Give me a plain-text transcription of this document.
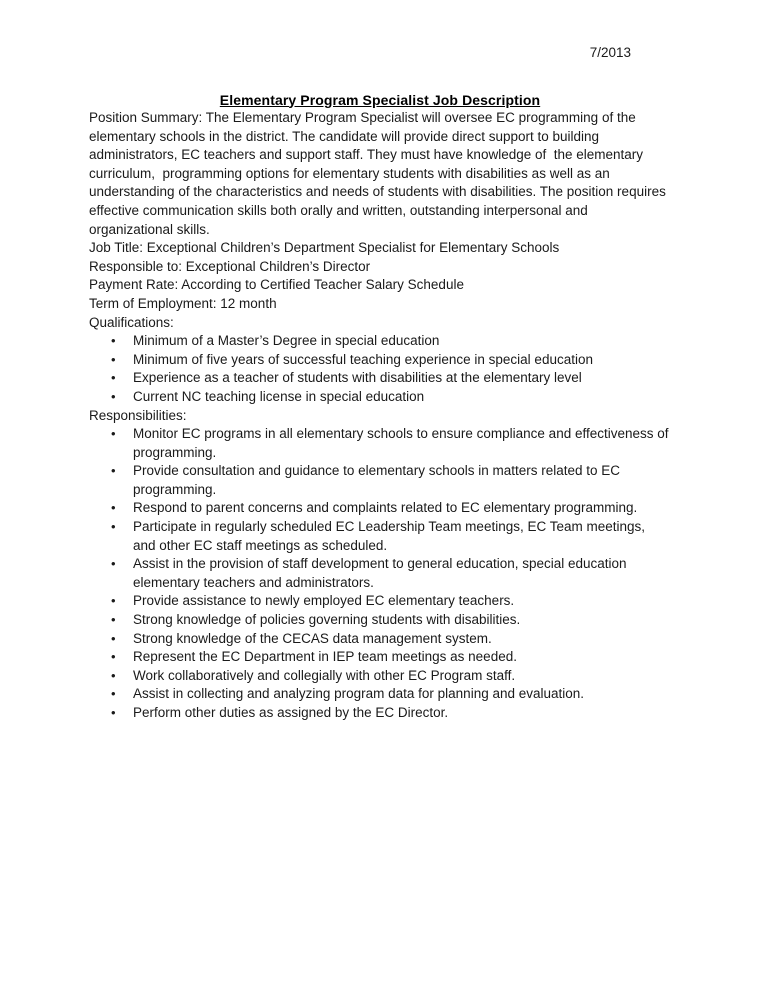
7/2013
Elementary Program Specialist Job Description

Position Summary: The Elementary Program Specialist will oversee EC programming of the elementary schools in the district. The candidate will provide direct support to building administrators, EC teachers and support staff. They must have knowledge of  the elementary curriculum,  programming options for elementary students with disabilities as well as an understanding of the characteristics and needs of students with disabilities. The position requires effective communication skills both orally and written, outstanding interpersonal and organizational skills.

Job Title: Exceptional Children’s Department Specialist for Elementary Schools

Responsible to: Exceptional Children’s Director

Payment Rate: According to Certified Teacher Salary Schedule

Term of Employment: 12 month

Qualifications:

• Minimum of a Master’s Degree in special education
• Minimum of five years of successful teaching experience in special education
• Experience as a teacher of students with disabilities at the elementary level
• Current NC teaching license in special education

Responsibilities:

• Monitor EC programs in all elementary schools to ensure compliance and effectiveness of programming.
• Provide consultation and guidance to elementary schools in matters related to EC programming.
• Respond to parent concerns and complaints related to EC elementary programming.
• Participate in regularly scheduled EC Leadership Team meetings, EC Team meetings, and other EC staff meetings as scheduled.
• Assist in the provision of staff development to general education, special education elementary teachers and administrators.
• Provide assistance to newly employed EC elementary teachers.
• Strong knowledge of policies governing students with disabilities.
• Strong knowledge of the CECAS data management system.
• Represent the EC Department in IEP team meetings as needed.
• Work collaboratively and collegially with other EC Program staff.
• Assist in collecting and analyzing program data for planning and evaluation.
• Perform other duties as assigned by the EC Director.
